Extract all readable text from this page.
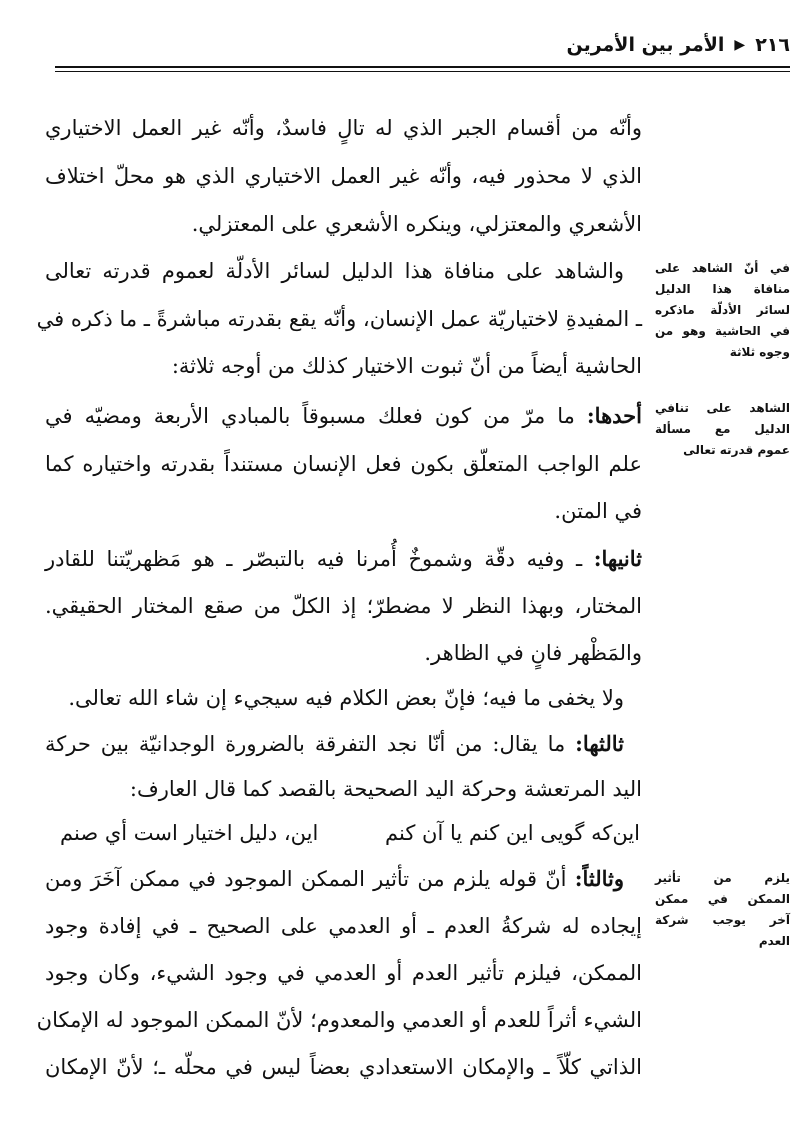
٢١٦
▶
الأمر بين الأمرين
وأنّه من أقسام الجبر الذي له تالٍ فاسدٌ، وأنّه غير العمل الاختياري
الذي لا محذور فيه، وأنّه غير العمل الاختياري الذي هو محلّ اختلاف
الأشعري والمعتزلي، وينكره الأشعري على المعتزلي.
والشاهد على منافاة هذا الدليل لسائر الأدلّة لعموم قدرته تعالى
ـ المفيدةِ لاختياريّة عمل الإنسان، وأنّه يقع بقدرته مباشرةً ـ ما ذكره في
الحاشية أيضاً من أنّ ثبوت الاختيار كذلك من أوجه ثلاثة:
أحدها: ما مرّ من كون فعلك مسبوقاً بالمبادي الأربعة ومضيّه في
علم الواجب المتعلّق بكون فعل الإنسان مستنداً بقدرته واختياره كما
في المتن.
ثانيها: ـ وفيه دقّة وشموخٌ أُمرنا فيه بالتبصّر ـ هو مَظهريّتنا للقادر
المختار، وبهذا النظر لا مضطرّ؛ إذ الكلّ من صقع المختار الحقيقي.
والمَظْهر فانٍ في الظاهر.
ولا يخفى ما فيه؛ فإنّ بعض الكلام فيه سيجيء إن شاء الله تعالى.
ثالثها: ما يقال: من أنّا نجد التفرقة بالضرورة الوجدانيّة بين حركة
اليد المرتعشة وحركة اليد الصحيحة بالقصد كما قال العارف:
اين‌كه گويى اين كنم يا آن كنم
اين، دليل اختيار است أي صنم
وثالثاً: أنّ قوله يلزم من تأثير الممكن الموجود في ممكن آخَرَ ومن
إيجاده له شركةُ العدم ـ أو العدمي على الصحيح ـ في إفادة وجود
الممكن، فيلزم تأثير العدم أو العدمي في وجود الشيء، وكان وجود
الشيء أثراً للعدم أو العدمي والمعدوم؛ لأنّ الممكن الموجود له الإمكان
الذاتي كلّاً ـ والإمكان الاستعدادي بعضاً ليس في محلّه ـ؛ لأنّ الإمكان
في أنّ الشاهد على
منافاة هذا الدليل
لسائر الأدلّة ماذكره
في الحاشية وهو من
وجوه ثلاثة
الشاهد على تنافي
الدليل مع مسألة
عموم قدرته تعالى
يلزم من تأثير
الممكن في ممكن
آخر يوجب شركة
العدم
